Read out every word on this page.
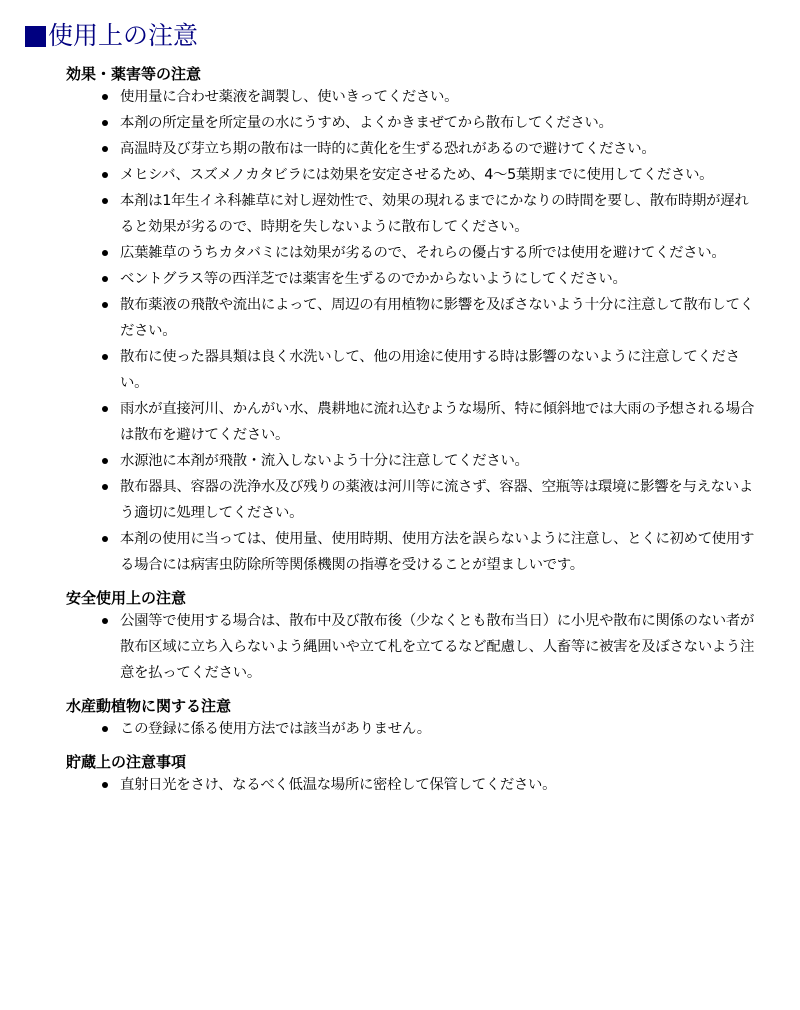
使用上の注意
効果・薬害等の注意
使用量に合わせ薬液を調製し、使いきってください。
本剤の所定量を所定量の水にうすめ、よくかきまぜてから散布してください。
高温時及び芽立ち期の散布は一時的に黄化を生ずる恐れがあるので避けてください。
メヒシバ、スズメノカタビラには効果を安定させるため、4～5葉期までに使用してください。
本剤は1年生イネ科雑草に対し遅効性で、効果の現れるまでにかなりの時間を要し、散布時期が遅れると効果が劣るので、時期を失しないように散布してください。
広葉雑草のうちカタバミには効果が劣るので、それらの優占する所では使用を避けてください。
ベントグラス等の西洋芝では薬害を生ずるのでかからないようにしてください。
散布薬液の飛散や流出によって、周辺の有用植物に影響を及ぼさないよう十分に注意して散布してください。
散布に使った器具類は良く水洗いして、他の用途に使用する時は影響のないように注意してください。
雨水が直接河川、かんがい水、農耕地に流れ込むような場所、特に傾斜地では大雨の予想される場合は散布を避けてください。
水源池に本剤が飛散・流入しないよう十分に注意してください。
散布器具、容器の洗浄水及び残りの薬液は河川等に流さず、容器、空瓶等は環境に影響を与えないよう適切に処理してください。
本剤の使用に当っては、使用量、使用時期、使用方法を誤らないように注意し、とくに初めて使用する場合には病害虫防除所等関係機関の指導を受けることが望ましいです。
安全使用上の注意
公園等で使用する場合は、散布中及び散布後（少なくとも散布当日）に小児や散布に関係のない者が散布区域に立ち入らないよう縄囲いや立て札を立てるなど配慮し、人畜等に被害を及ぼさないよう注意を払ってください。
水産動植物に関する注意
この登録に係る使用方法では該当がありません。
貯蔵上の注意事項
直射日光をさけ、なるべく低温な場所に密栓して保管してください。
